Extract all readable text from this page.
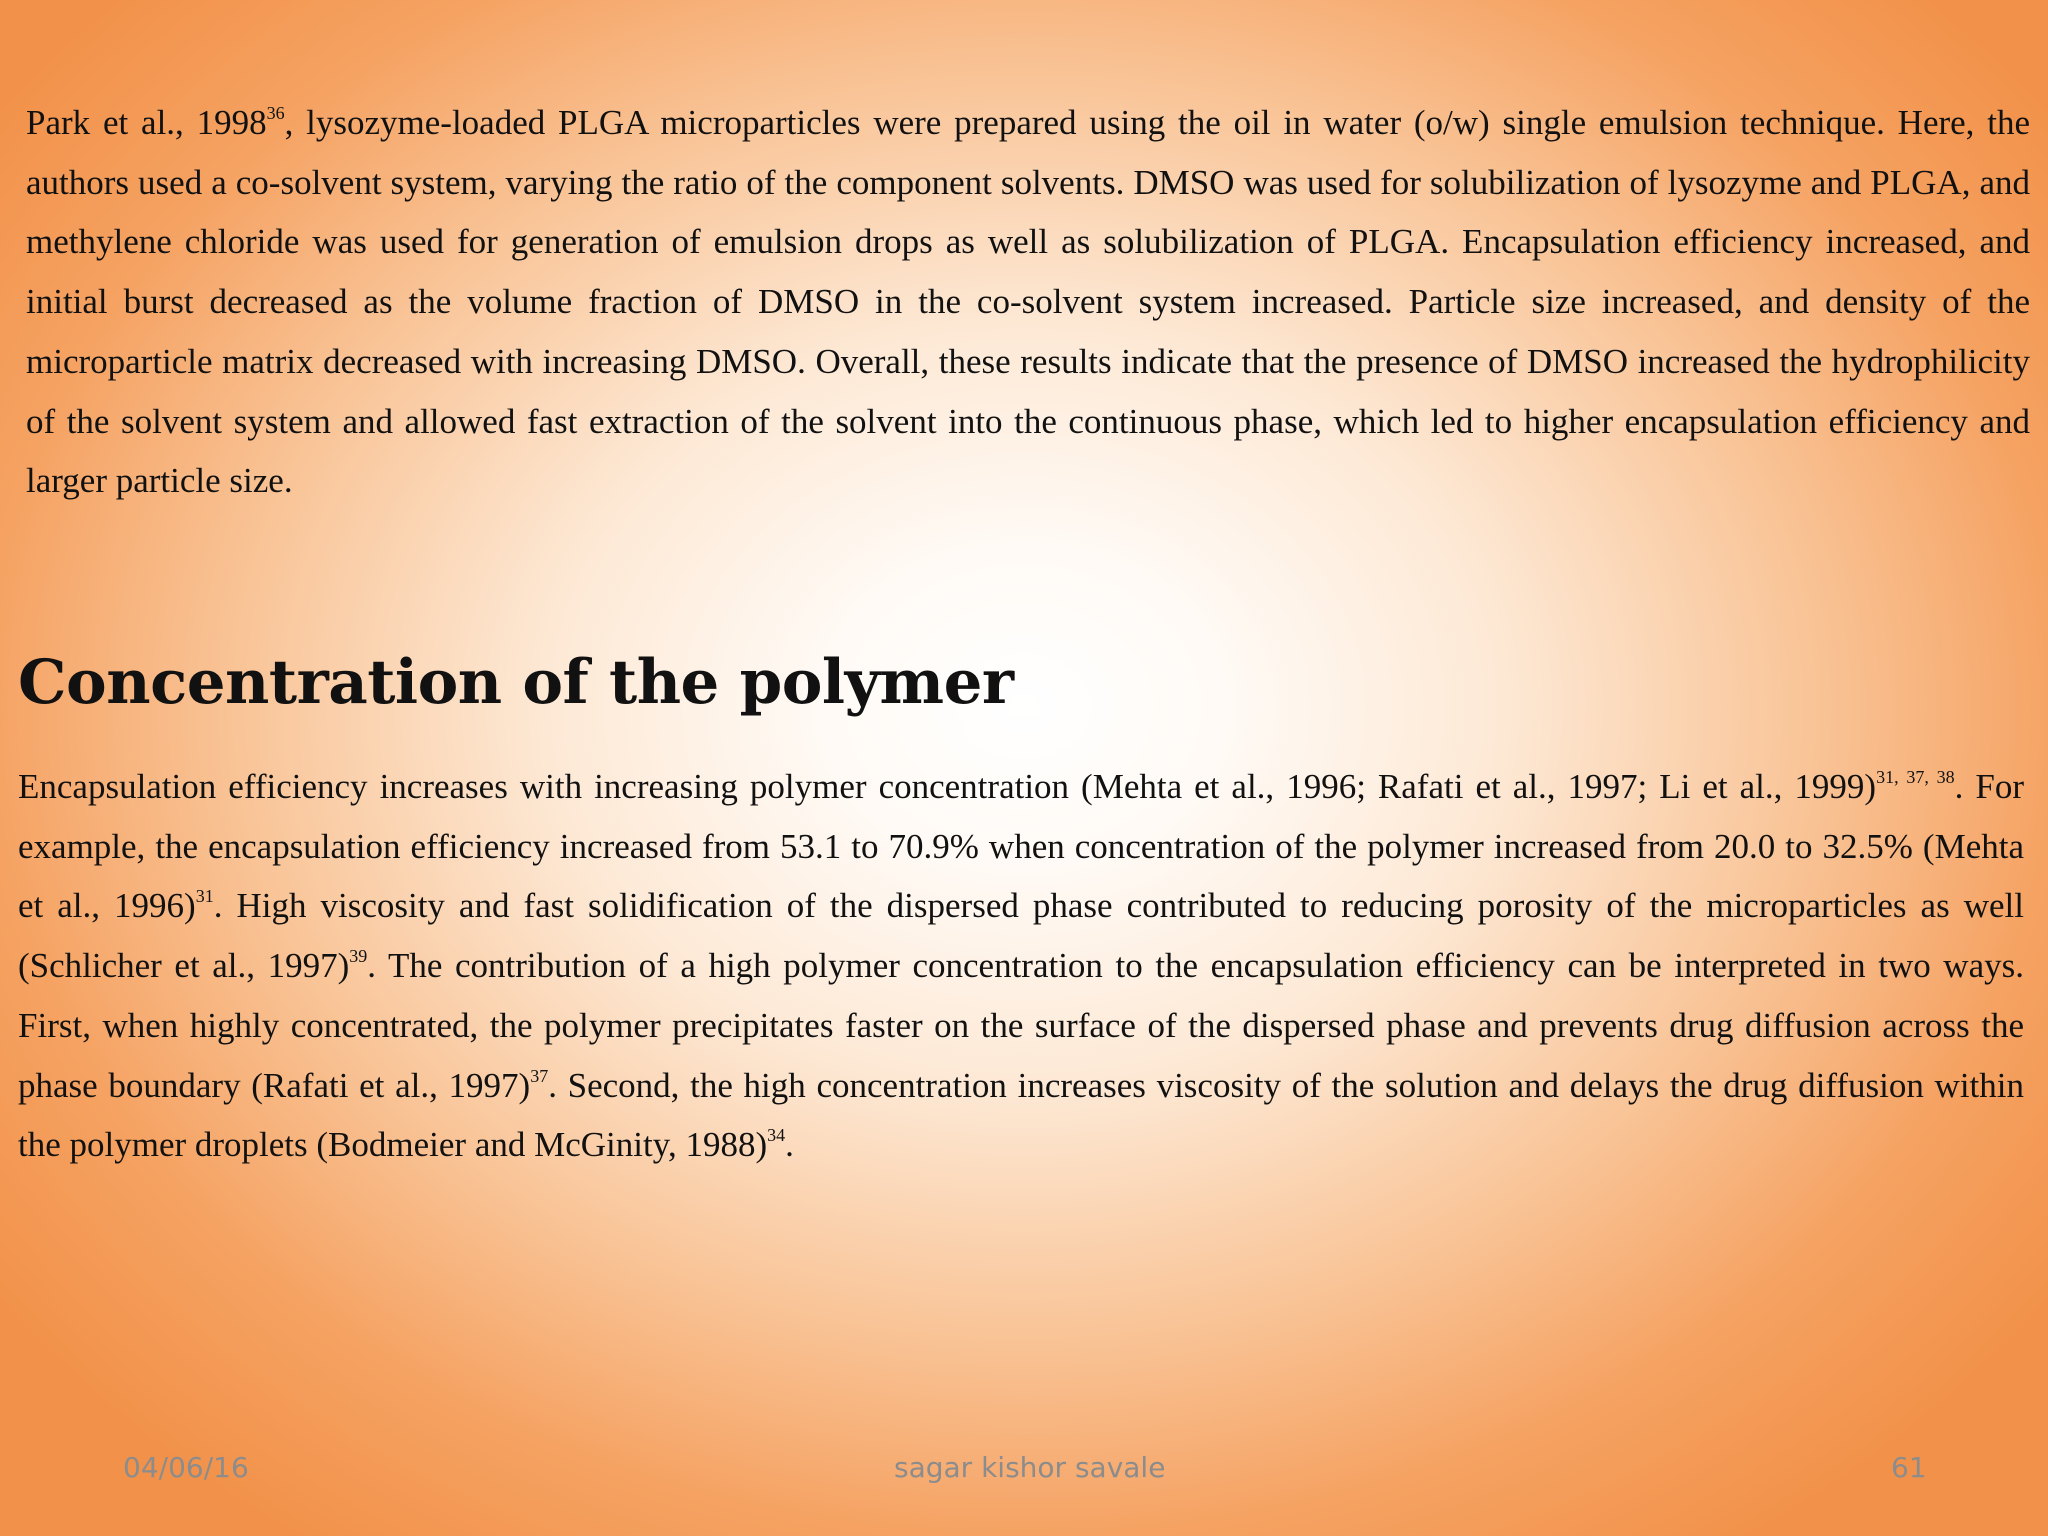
Park et al., 1998$^{36}$, lysozyme-loaded PLGA microparticles were prepared using the oil in water (o/w) single emulsion technique. Here, the authors used a co-solvent system, varying the ratio of the component solvents. DMSO was used for solubilization of lysozyme and PLGA, and methylene chloride was used for generation of emulsion drops as well as solubilization of PLGA. Encapsulation efficiency increased, and initial burst decreased as the volume fraction of DMSO in the co-solvent system increased. Particle size increased, and density of the microparticle matrix decreased with increasing DMSO. Overall, these results indicate that the presence of DMSO increased the hydrophilicity of the solvent system and allowed fast extraction of the solvent into the continuous phase, which led to higher encapsulation efficiency and larger particle size.

Concentration of the polymer

Encapsulation efficiency increases with increasing polymer concentration (Mehta et al., 1996; Rafati et al., 1997; Li et al., 1999)$^{31, 37, 38}$. For example, the encapsulation efficiency increased from 53.1 to 70.9% when concentration of the polymer increased from 20.0 to 32.5% (Mehta et al., 1996)$^{31}$. High viscosity and fast solidification of the dispersed phase contributed to reducing porosity of the microparticles as well (Schlicher et al., 1997)$^{39}$. The contribution of a high polymer concentration to the encapsulation efficiency can be interpreted in two ways. First, when highly concentrated, the polymer precipitates faster on the surface of the dispersed phase and prevents drug diffusion across the phase boundary (Rafati et al., 1997)$^{37}$. Second, the high concentration increases viscosity of the solution and delays the drug diffusion within the polymer droplets (Bodmeier and McGinity, 1988)$^{34}$.

04/06/16	sagar kishor savale	61
